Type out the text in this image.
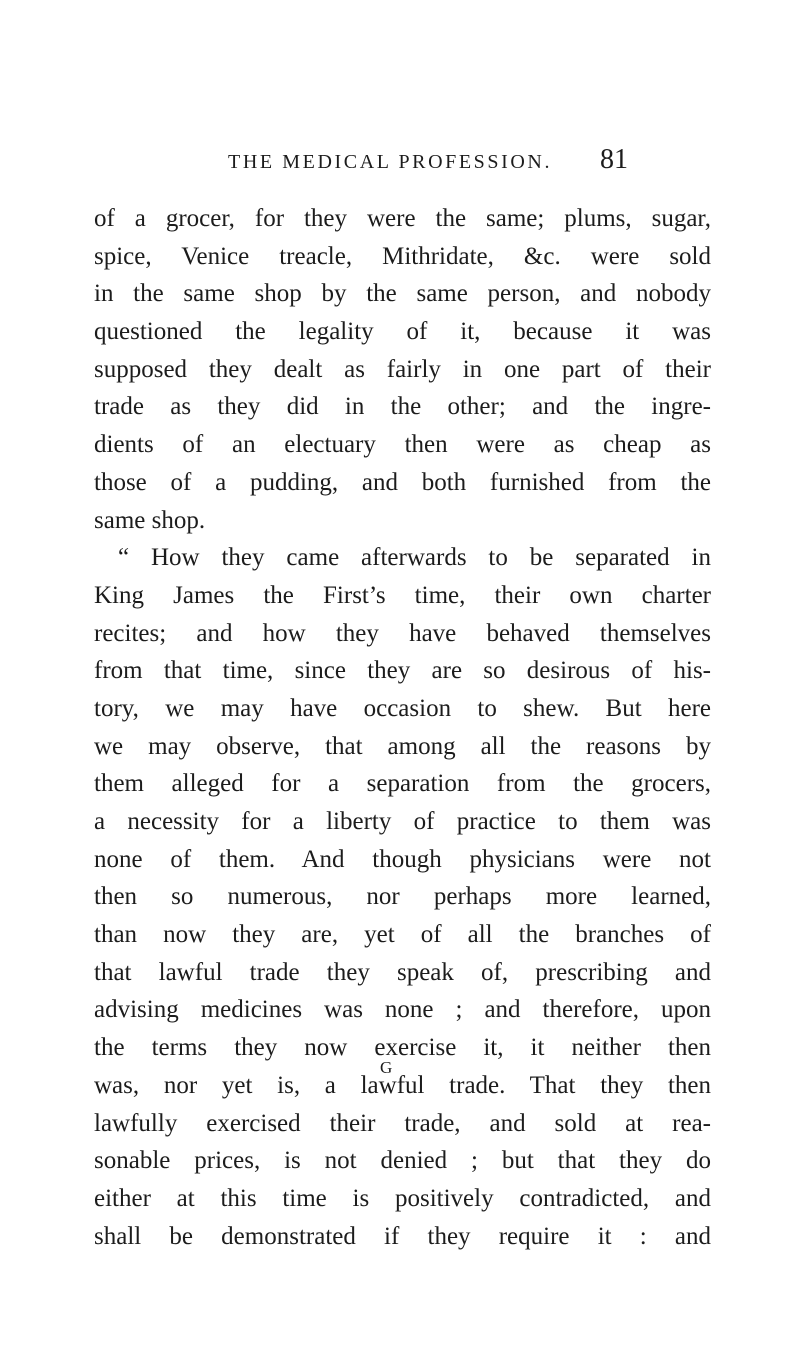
THE MEDICAL PROFESSION. 81
of a grocer, for they were the same; plums, sugar,
spice, Venice treacle, Mithridate, &c. were sold
in the same shop by the same person, and nobody
questioned the legality of it, because it was
supposed they dealt as fairly in one part of their
trade as they did in the other; and the ingre-
dients of an electuary then were as cheap as
those of a pudding, and both furnished from the
same shop.
“ How they came afterwards to be separated in
King James the First’s time, their own charter
recites; and how they have behaved themselves
from that time, since they are so desirous of his-
tory, we may have occasion to shew. But here
we may observe, that among all the reasons by
them alleged for a separation from the grocers,
a necessity for a liberty of practice to them was
none of them. And though physicians were not
then so numerous, nor perhaps more learned,
than now they are, yet of all the branches of
that lawful trade they speak of, prescribing and
advising medicines was none ; and therefore, upon
the terms they now exercise it, it neither then
was, nor yet is, a lawful trade. That they then
lawfully exercised their trade, and sold at rea-
sonable prices, is not denied ; but that they do
either at this time is positively contradicted, and
shall be demonstrated if they require it : and
G
